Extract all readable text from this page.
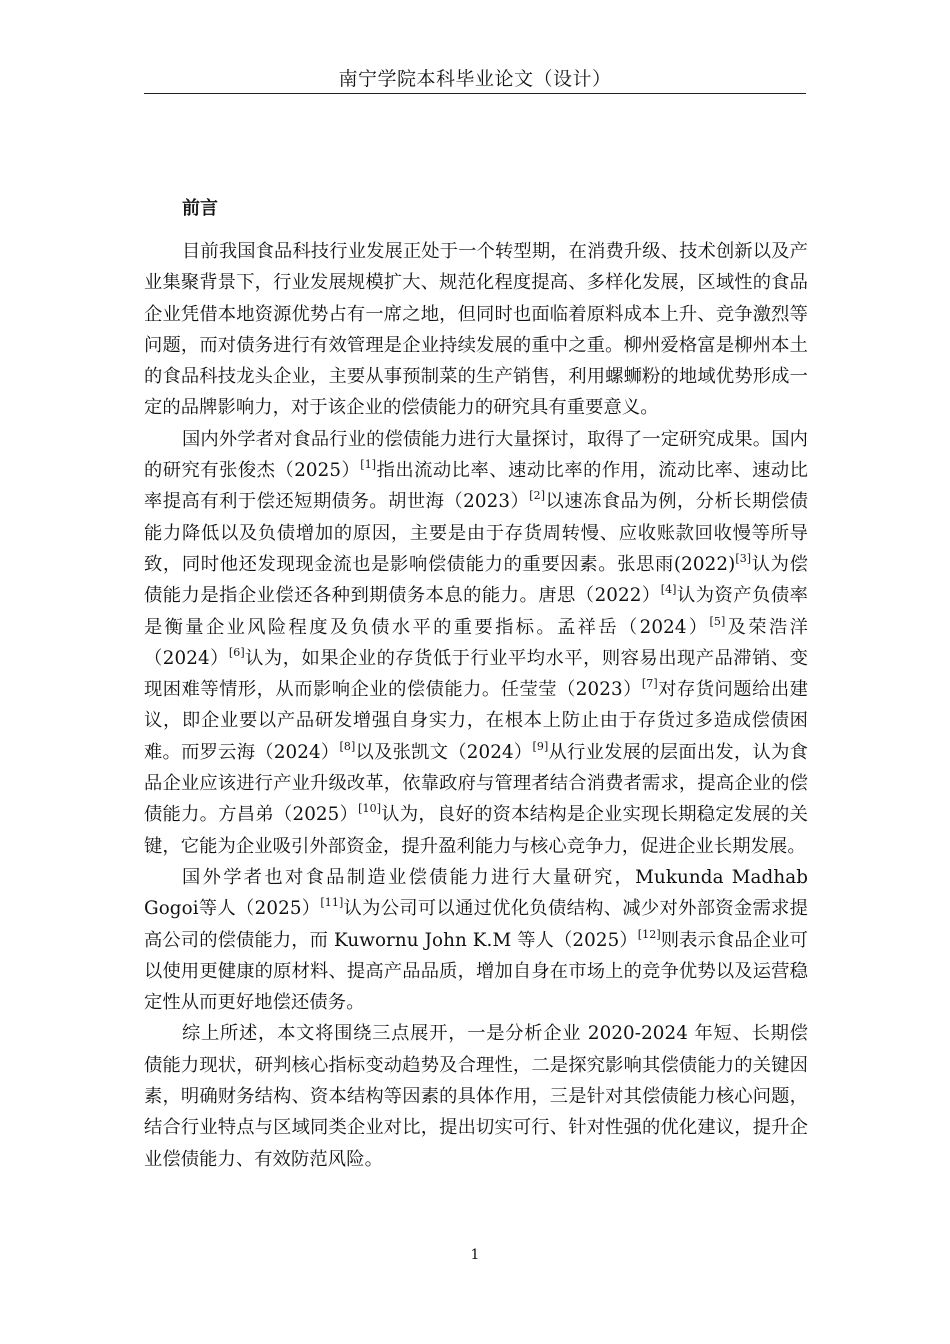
南宁学院本科毕业论文（设计）
前言

目前我国食品科技行业发展正处于一个转型期，在消费升级、技术创新以及产业集聚背景下，行业发展规模扩大、规范化程度提高、多样化发展，区域性的食品企业凭借本地资源优势占有一席之地，但同时也面临着原料成本上升、竞争激烈等问题，而对债务进行有效管理是企业持续发展的重中之重。柳州爱格富是柳州本土的食品科技龙头企业，主要从事预制菜的生产销售，利用螺蛳粉的地域优势形成一定的品牌影响力，对于该企业的偿债能力的研究具有重要意义。

国内外学者对食品行业的偿债能力进行大量探讨，取得了一定研究成果。国内的研究有张俊杰（2025）[1]指出流动比率、速动比率的作用，流动比率、速动比率提高有利于偿还短期债务。胡世海（2023）[2]以速冻食品为例，分析长期偿债能力降低以及负债增加的原因，主要是由于存货周转慢、应收账款回收慢等所导致，同时他还发现现金流也是影响偿债能力的重要因素。张思雨(2022)[3]认为偿债能力是指企业偿还各种到期债务本息的能力。唐思（2022）[4]认为资产负债率是衡量企业风险程度及负债水平的重要指标。孟祥岳（2024）[5]及荣浩洋（2024）[6]认为，如果企业的存货低于行业平均水平，则容易出现产品滞销、变现困难等情形，从而影响企业的偿债能力。任莹莹（2023）[7]对存货问题给出建议，即企业要以产品研发增强自身实力，在根本上防止由于存货过多造成偿债困难。而罗云海（2024）[8]以及张凯文（2024）[9]从行业发展的层面出发，认为食品企业应该进行产业升级改革，依靠政府与管理者结合消费者需求，提高企业的偿债能力。方昌弟（2025）[10]认为，良好的资本结构是企业实现长期稳定发展的关键，它能为企业吸引外部资金，提升盈利能力与核心竞争力，促进企业长期发展。

国外学者也对食品制造业偿债能力进行大量研究，Mukunda Madhab Gogoi等人（2025）[11]认为公司可以通过优化负债结构、减少对外部资金需求提高公司的偿债能力，而 Kuwornu John K.M 等人（2025）[12]则表示食品企业可以使用更健康的原材料、提高产品品质，增加自身在市场上的竞争优势以及运营稳定性从而更好地偿还债务。

综上所述，本文将围绕三点展开，一是分析企业 2020-2024 年短、长期偿债能力现状，研判核心指标变动趋势及合理性，二是探究影响其偿债能力的关键因素，明确财务结构、资本结构等因素的具体作用，三是针对其偿债能力核心问题，结合行业特点与区域同类企业对比，提出切实可行、针对性强的优化建议，提升企业偿债能力、有效防范风险。

1
